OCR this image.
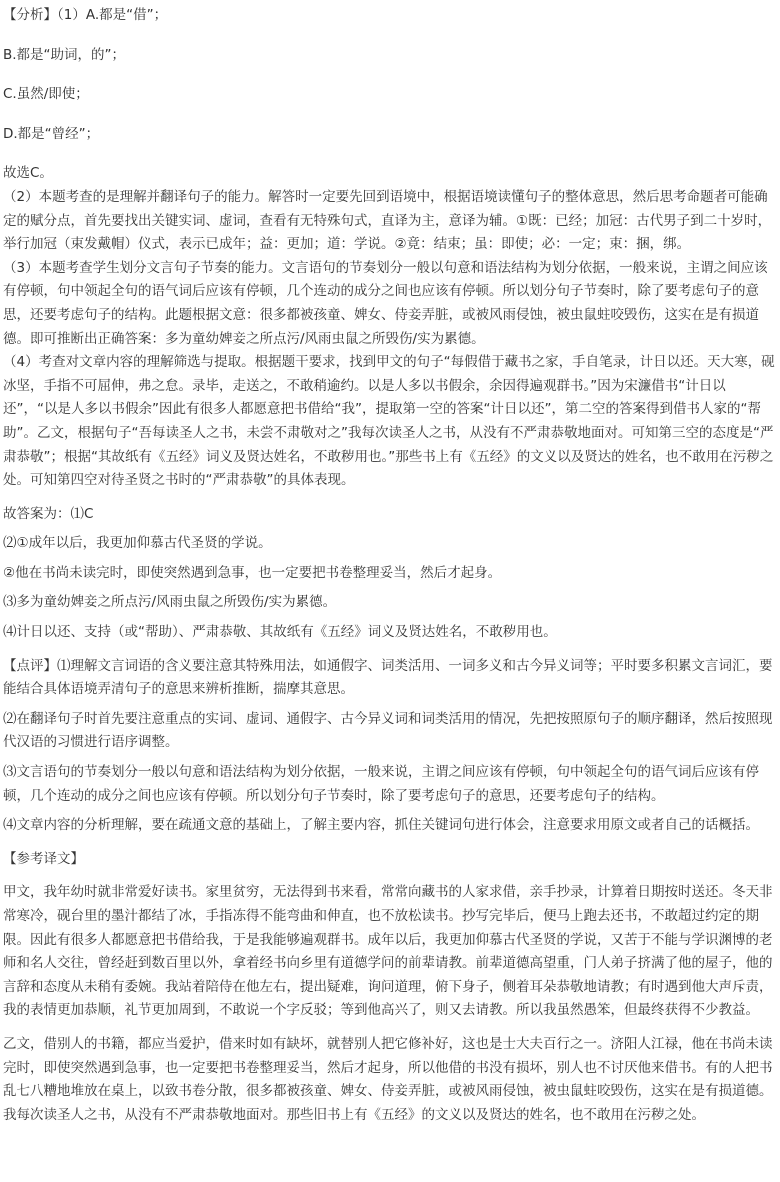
【分析】（1）A.都是“借”；

B.都是“助词，的”；

C.虽然/即使；

D.都是“曾经”；

故选C。

（2）本题考查的是理解并翻译句子的能力。解答时一定要先回到语境中，根据语境读懂句子的整体意思，然后思考命题者可能确定的赋分点，首先要找出关键实词、虚词，查看有无特殊句式，直译为主，意译为辅。①既：已经；加冠：古代男子到二十岁时，举行加冠（束发戴帽）仪式，表示已成年；益：更加；道：学说。②竟：结束；虽：即使；必：一定；束：捆，绑。

（3）本题考查学生划分文言句子节奏的能力。文言语句的节奏划分一般以句意和语法结构为划分依据，一般来说，主谓之间应该有停顿，句中领起全句的语气词后应该有停顿，几个连动的成分之间也应该有停顿。所以划分句子节奏时，除了要考虑句子的意思，还要考虑句子的结构。此题根据文意：很多都被孩童、婢女、侍妾弄脏，或被风雨侵蚀，被虫鼠蛀咬毁伤，这实在是有损道德。即可推断出正确答案：多为童幼婢妾之所点污/风雨虫鼠之所毁伤/实为累德。

（4）考查对文章内容的理解筛选与提取。根据题干要求，找到甲文的句子“每假借于藏书之家，手自笔录，计日以还。天大寒，砚冰坚，手指不可屈伸，弗之怠。录毕，走送之，不敢稍逾约。以是人多以书假余，余因得遍观群书。”因为宋濂借书“计日以还”，“以是人多以书假余”因此有很多人都愿意把书借给“我”，提取第一空的答案“计日以还”，第二空的答案得到借书人家的“帮助”。乙文，根据句子“吾每读圣人之书，未尝不肃敬对之”我每次读圣人之书，从没有不严肃恭敬地面对。可知第三空的态度是“严肃恭敬”；根据“其故纸有《五经》词义及贤达姓名，不敢秽用也。”那些书上有《五经》的文义以及贤达的姓名，也不敢用在污秽之处。可知第四空对待圣贤之书时的“严肃恭敬”的具体表现。

故答案为：⑴C

⑵①成年以后，我更加仰慕古代圣贤的学说。

②他在书尚未读完时，即使突然遇到急事，也一定要把书卷整理妥当，然后才起身。

⑶多为童幼婢妾之所点污/风雨虫鼠之所毁伤/实为累德。

⑷计日以还、支持（或“帮助）、严肃恭敬、其故纸有《五经》词义及贤达姓名，不敢秽用也。

【点评】⑴理解文言词语的含义要注意其特殊用法，如通假字、词类活用、一词多义和古今异义词等；平时要多积累文言词汇，要能结合具体语境弄清句子的意思来辨析推断，揣摩其意思。

⑵在翻译句子时首先要注意重点的实词、虚词、通假字、古今异义词和词类活用的情况，先把按照原句子的顺序翻译，然后按照现代汉语的习惯进行语序调整。

⑶文言语句的节奏划分一般以句意和语法结构为划分依据，一般来说，主谓之间应该有停顿，句中领起全句的语气词后应该有停顿，几个连动的成分之间也应该有停顿。所以划分句子节奏时，除了要考虑句子的意思，还要考虑句子的结构。

⑷文章内容的分析理解，要在疏通文意的基础上，了解主要内容，抓住关键词句进行体会，注意要求用原文或者自己的话概括。

【参考译文】

甲文，我年幼时就非常爱好读书。家里贫穷，无法得到书来看，常常向藏书的人家求借，亲手抄录，计算着日期按时送还。冬天非常寒冷，砚台里的墨汁都结了冰，手指冻得不能弯曲和伸直，也不放松读书。抄写完毕后，便马上跑去还书，不敢超过约定的期限。因此有很多人都愿意把书借给我，于是我能够遍观群书。成年以后，我更加仰慕古代圣贤的学说，又苦于不能与学识渊博的老师和名人交往，曾经赶到数百里以外，拿着经书向乡里有道德学问的前辈请教。前辈道德高望重，门人弟子挤满了他的屋子，他的言辞和态度从未稍有委婉。我站着陪侍在他左右，提出疑难，询问道理，俯下身子，侧着耳朵恭敬地请教；有时遇到他大声斥责，我的表情更加恭顺，礼节更加周到，不敢说一个字反驳；等到他高兴了，则又去请教。所以我虽然愚笨，但最终获得不少教益。

乙文，借别人的书籍，都应当爱护，借来时如有缺坏，就替别人把它修补好，这也是士大夫百行之一。济阳人江禄，他在书尚未读完时，即使突然遇到急事，也一定要把书卷整理妥当，然后才起身，所以他借的书没有损坏，别人也不讨厌他来借书。有的人把书乱七八糟地堆放在桌上，以致书卷分散，很多都被孩童、婢女、侍妾弄脏，或被风雨侵蚀，被虫鼠蛀咬毁伤，这实在是有损道德。我每次读圣人之书，从没有不严肃恭敬地面对。那些旧书上有《五经》的文义以及贤达的姓名，也不敢用在污秽之处。
